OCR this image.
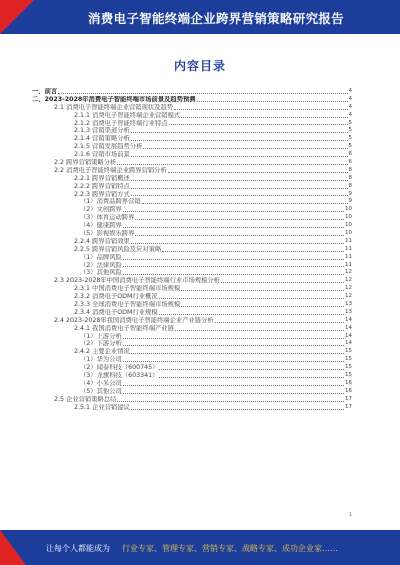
消费电子智能终端企业跨界营销策略研究报告
内容目录
一、前言	4
二、2023-2028年消费电子智能终端市场前景及趋势预测	4
2.1 消费电子智能终端企业营销现状及趋势	4
2.1.1 消费电子智能终端企业营销模式	4
2.1.2 消费电子智能终端行业特点	5
2.1.3 营销渠道分析	5
2.1.4 营销策略分析	5
2.1.5 营销发展趋势分析	5
2.1.6 营销市场前景	6
2.2 跨界营销策略分析	6
2.2 消费电子智能终端企业跨界营销分析	8
2.2.1 跨界营销概述	8
2.2.2 跨界营销特点	8
2.2.3 跨界营销方式	9
（1）消费品跨界营销	9
（2）文创跨界	10
（3）体育运动跨界	10
（4）健康跨界	10
（5）影视娱乐跨界	10
2.2.4 跨界营销效果	11
2.2.5 跨界营销风险及应对策略	11
（1）品牌风险	11
（2）法律风险	11
（3）其他风险	12
2.3 2023-2028年中国消费电子智能终端行业市场规模分析	12
2.3.1 中国消费电子智能终端市场规模	12
2.3.2 消费电子ODM行业概况	12
2.3.3 全球消费电子智能终端市场规模	13
2.3.4 消费电子ODM行业规模	13
2.4 2023-2028年我国消费电子智能终端企业产业链分析	14
2.4.1 我国消费电子智能终端产业链	14
（1）上游分析	14
（2）下游分析	14
2.4.2 主要企业情况	15
（1）华为公司	15
（2）闻泰科技（600745）	15
（3）龙旗科技（603341）	15
（4）小米公司	16
（5）其他公司	16
2.5 企业营销策略总结	17
2.5.1 企业营销建议	17
1
让每个人都能成为 行业专家、管理专家、营销专家、战略专家、成功企业家……
